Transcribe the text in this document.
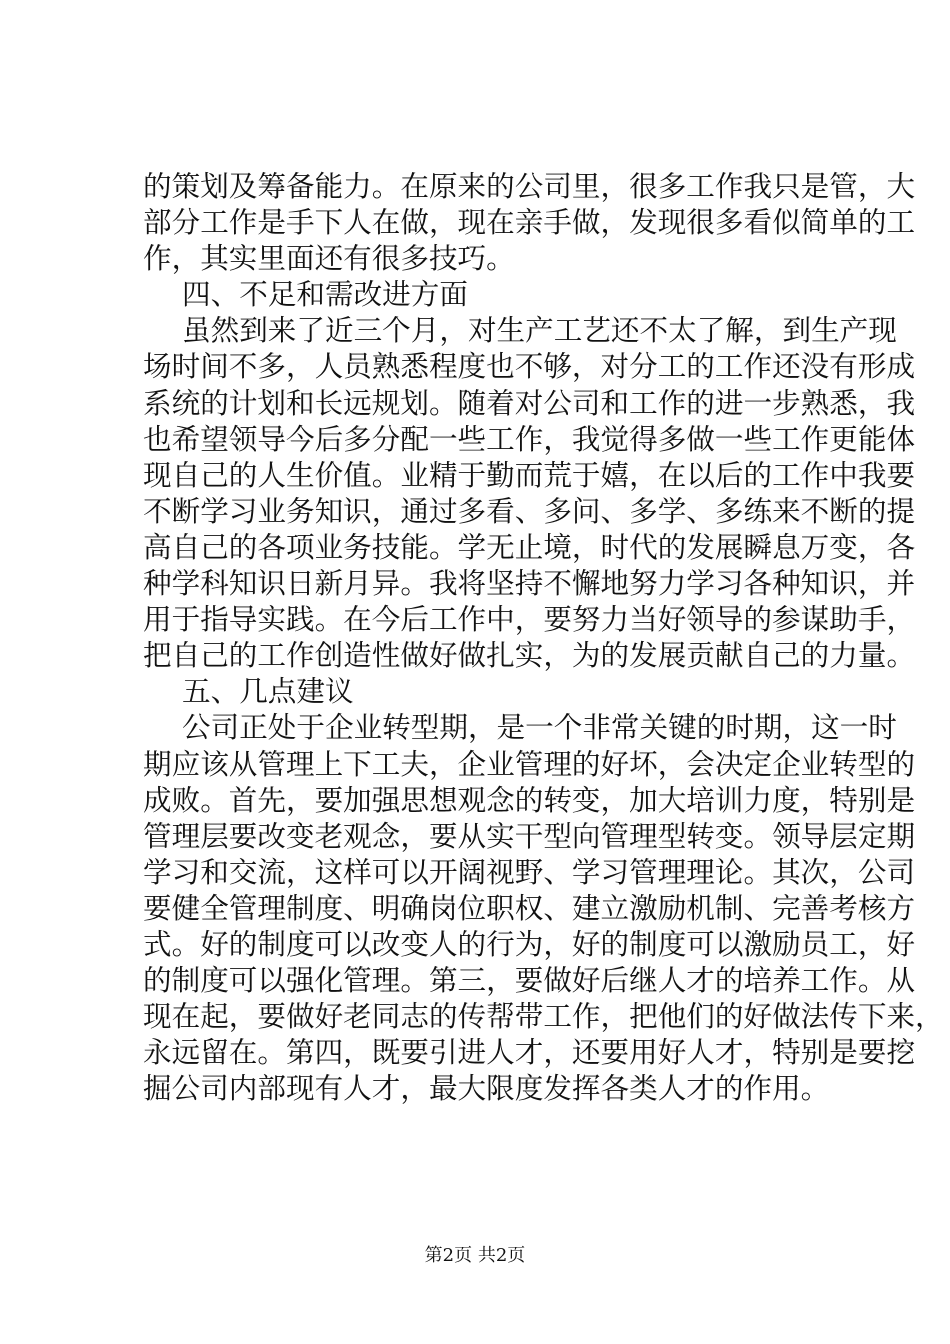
的策划及筹备能力。在原来的公司里，很多工作我只是管，大
部分工作是手下人在做，现在亲手做，发现很多看似简单的工
作，其实里面还有很多技巧。
四、不足和需改进方面
虽然到来了近三个月，对生产工艺还不太了解，到生产现
场时间不多，人员熟悉程度也不够，对分工的工作还没有形成
系统的计划和长远规划。随着对公司和工作的进一步熟悉，我
也希望领导今后多分配一些工作，我觉得多做一些工作更能体
现自己的人生价值。业精于勤而荒于嬉，在以后的工作中我要
不断学习业务知识，通过多看、多问、多学、多练来不断的提
高自己的各项业务技能。学无止境，时代的发展瞬息万变，各
种学科知识日新月异。我将坚持不懈地努力学习各种知识，并
用于指导实践。在今后工作中，要努力当好领导的参谋助手，
把自己的工作创造性做好做扎实，为的发展贡献自己的力量。
五、几点建议
公司正处于企业转型期，是一个非常关键的时期，这一时
期应该从管理上下工夫，企业管理的好坏，会决定企业转型的
成败。首先，要加强思想观念的转变，加大培训力度，特别是
管理层要改变老观念，要从实干型向管理型转变。领导层定期
学习和交流，这样可以开阔视野、学习管理理论。其次，公司
要健全管理制度、明确岗位职权、建立激励机制、完善考核方
式。好的制度可以改变人的行为，好的制度可以激励员工，好
的制度可以强化管理。第三，要做好后继人才的培养工作。从
现在起，要做好老同志的传帮带工作，把他们的好做法传下来，
永远留在。第四，既要引进人才，还要用好人才，特别是要挖
掘公司内部现有人才，最大限度发挥各类人才的作用。
第2页 共2页
